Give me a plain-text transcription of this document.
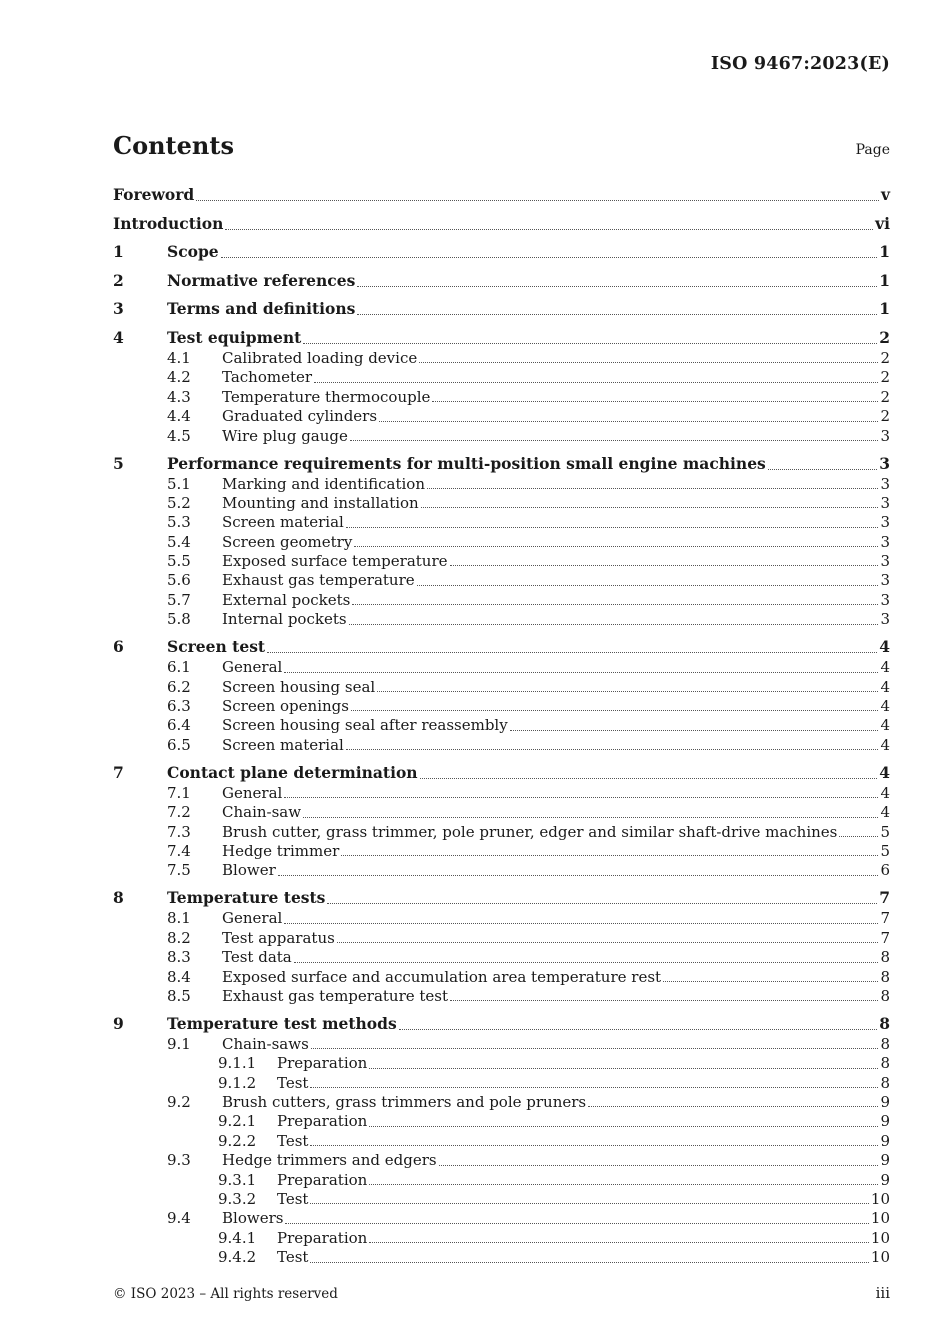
ISO 9467:2023(E)
Contents	Page
Foreword	v
Introduction	vi
1	Scope	1
2	Normative references	1
3	Terms and definitions	1
4	Test equipment	2
4.1	Calibrated loading device	2
4.2	Tachometer	2
4.3	Temperature thermocouple	2
4.4	Graduated cylinders	2
4.5	Wire plug gauge	3
5	Performance requirements for multi-position small engine machines	3
5.1	Marking and identification	3
5.2	Mounting and installation	3
5.3	Screen material	3
5.4	Screen geometry	3
5.5	Exposed surface temperature	3
5.6	Exhaust gas temperature	3
5.7	External pockets	3
5.8	Internal pockets	3
6	Screen test	4
6.1	General	4
6.2	Screen housing seal	4
6.3	Screen openings	4
6.4	Screen housing seal after reassembly	4
6.5	Screen material	4
7	Contact plane determination	4
7.1	General	4
7.2	Chain-saw	4
7.3	Brush cutter, grass trimmer, pole pruner, edger and similar shaft-drive machines	5
7.4	Hedge trimmer	5
7.5	Blower	6
8	Temperature tests	7
8.1	General	7
8.2	Test apparatus	7
8.3	Test data	8
8.4	Exposed surface and accumulation area temperature rest	8
8.5	Exhaust gas temperature test	8
9	Temperature test methods	8
9.1	Chain-saws	8
9.1.1	Preparation	8
9.1.2	Test	8
9.2	Brush cutters, grass trimmers and pole pruners	9
9.2.1	Preparation	9
9.2.2	Test	9
9.3	Hedge trimmers and edgers	9
9.3.1	Preparation	9
9.3.2	Test	10
9.4	Blowers	10
9.4.1	Preparation	10
9.4.2	Test	10
© ISO 2023 – All rights reserved	iii
